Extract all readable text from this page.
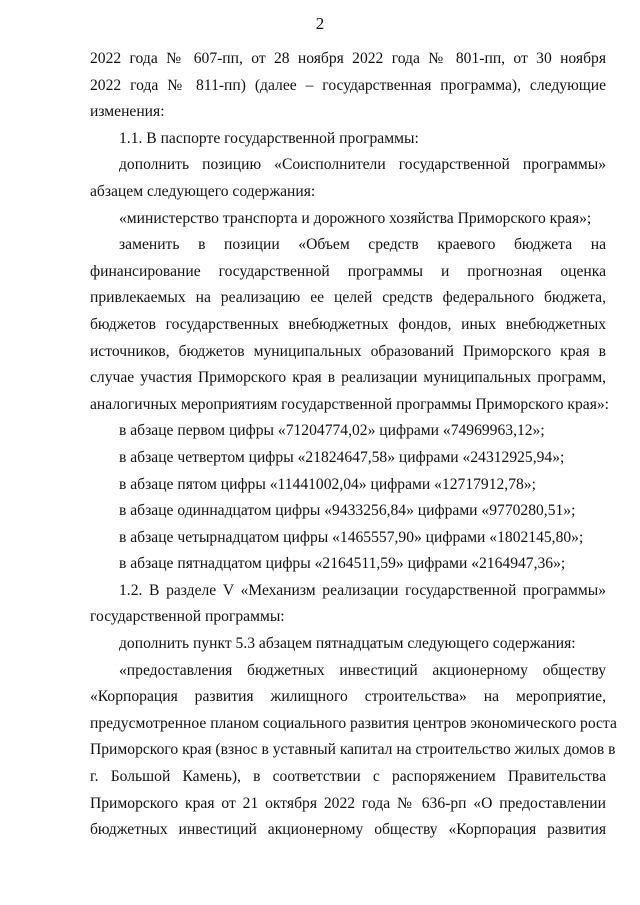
2
2022 года № 607-пп, от 28 ноября 2022 года № 801-пп, от 30 ноября
2022 года № 811-пп) (далее – государственная программа), следующие
изменения:
1.1. В паспорте государственной программы:
дополнить позицию «Соисполнители государственной программы»
абзацем следующего содержания:
«министерство транспорта и дорожного хозяйства Приморского края»;
заменить в позиции «Объем средств краевого бюджета на
финансирование государственной программы и прогнозная оценка
привлекаемых на реализацию ее целей средств федерального бюджета,
бюджетов государственных внебюджетных фондов, иных внебюджетных
источников, бюджетов муниципальных образований Приморского края в
случае участия Приморского края в реализации муниципальных программ,
аналогичных мероприятиям государственной программы Приморского края»:
в абзаце первом цифры «71204774,02» цифрами «74969963,12»;
в абзаце четвертом цифры «21824647,58» цифрами «24312925,94»;
в абзаце пятом цифры «11441002,04» цифрами «12717912,78»;
в абзаце одиннадцатом цифры «9433256,84» цифрами «9770280,51»;
в абзаце четырнадцатом цифры «1465557,90» цифрами «1802145,80»;
в абзаце пятнадцатом цифры «2164511,59» цифрами «2164947,36»;
1.2. В разделе V «Механизм реализации государственной программы»
государственной программы:
дополнить пункт 5.3 абзацем пятнадцатым следующего содержания:
«предоставления бюджетных инвестиций акционерному обществу
«Корпорация развития жилищного строительства» на мероприятие,
предусмотренное планом социального развития центров экономического роста
Приморского края (взнос в уставный капитал на строительство жилых домов в
г. Большой Камень), в соответствии с распоряжением Правительства
Приморского края от 21 октября 2022 года № 636-рп «О предоставлении
бюджетных инвестиций акционерному обществу «Корпорация развития
